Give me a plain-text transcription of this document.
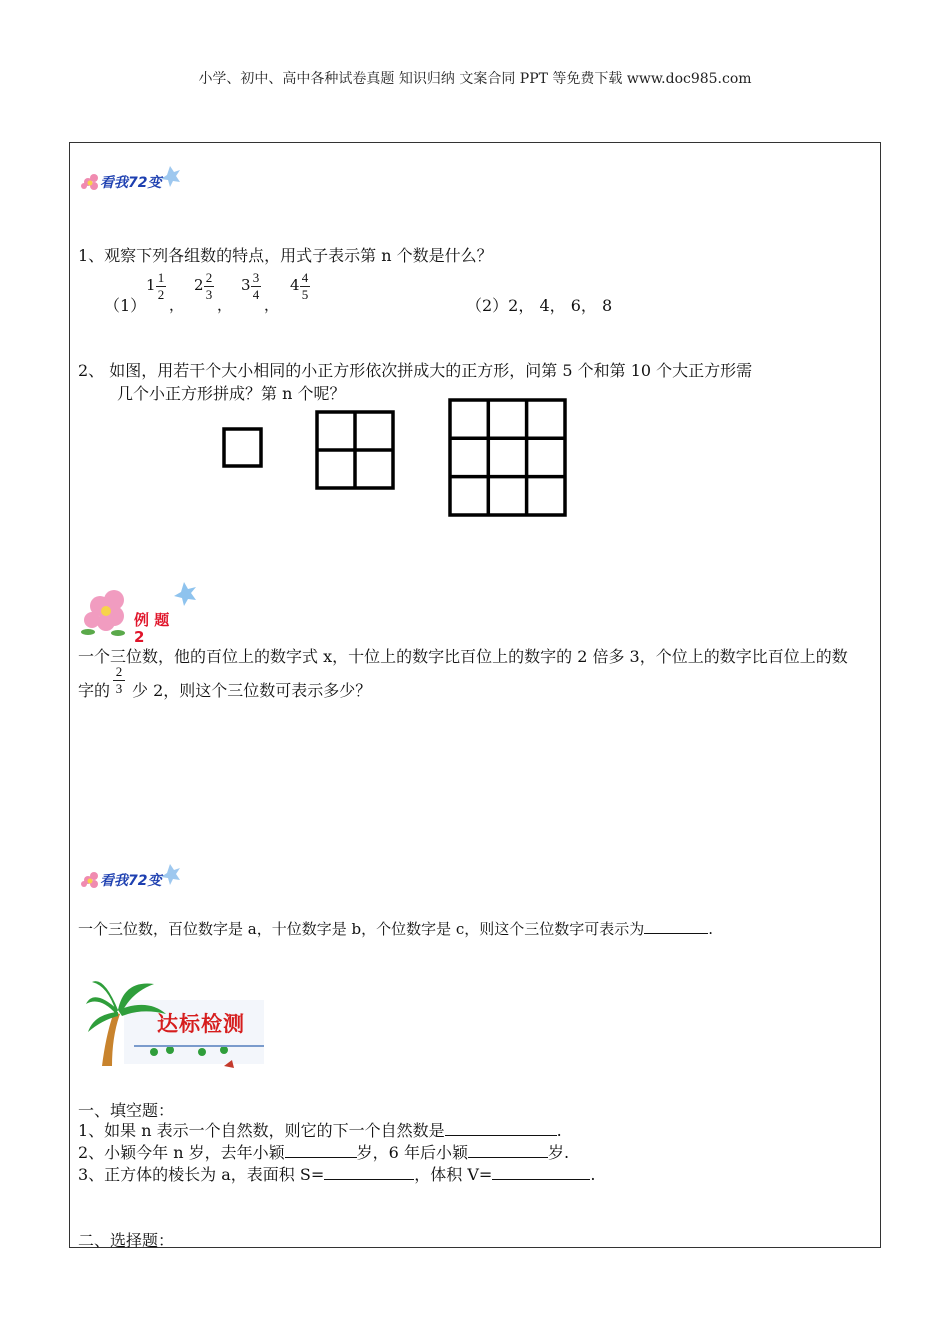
小学、初中、高中各种试卷真题 知识归纳 文案合同 PPT 等免费下载 www.doc985.com
看我72变
1、观察下列各组数的特点，用式子表示第 n 个数是什么？
（1）
$1 \frac{1}{2}$
，
$2 \frac{2}{3}$
，
$3 \frac{3}{4}$
，
$4 \frac{4}{5}$
（2）2， 4， 6， 8
2、 如图，用若干个大小相同的小正方形依次拼成大的正方形，问第 5 个和第 10 个大正方形需
几个小正方形拼成？第 n 个呢？
例 题
2
一个三位数，他的百位上的数字式 x，十位上的数字比百位上的数字的 2 倍多 3，个位上的数字比百位上的数
字的 $\frac{2}{3}$ 少 2，则这个三位数可表示多少？
看我72变
一个三位数，百位数字是 a，十位数字是 b，个位数字是 c，则这个三位数字可表示为	.
达标检测
一、填空题：
1、如果 n 表示一个自然数，则它的下一个自然数是	.
2、小颖今年 n 岁，去年小颖	岁，6 年后小颖	岁.
3、正方体的棱长为 a，表面积 S=	，体积 V=	.
二、选择题：
